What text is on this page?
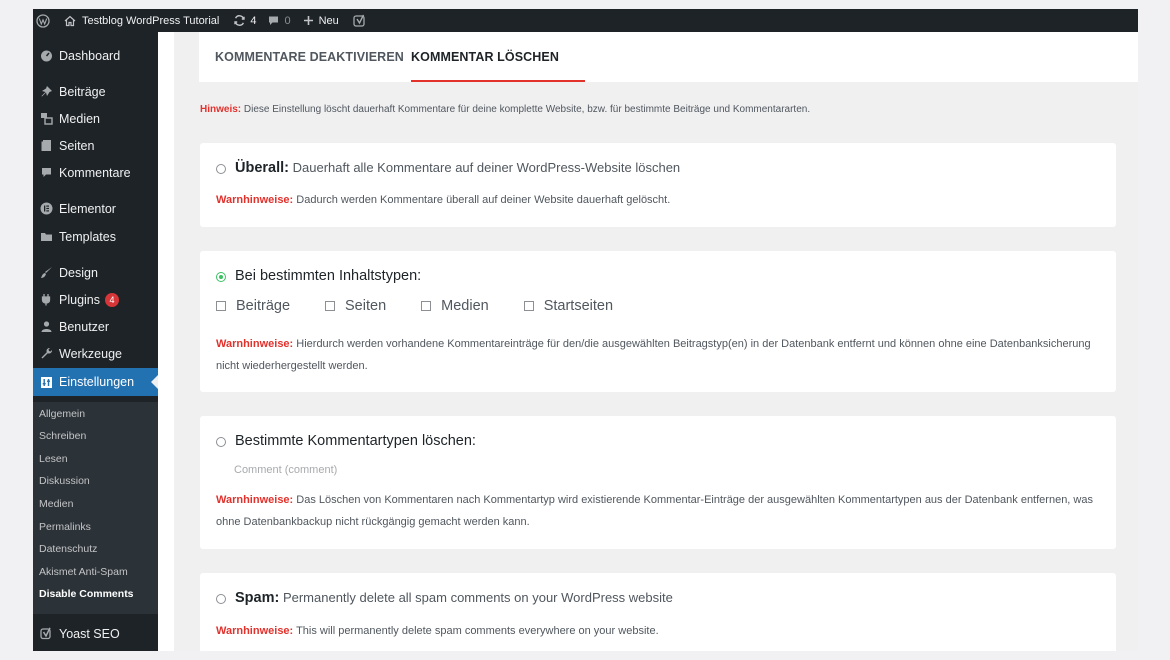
Testblog WordPress Tutorial	4	0	Neu
Dashboard
Beiträge
Medien
Seiten
Kommentare
Elementor
Templates
Design
Plugins	4
Benutzer
Werkzeuge
Einstellungen
Allgemein
Schreiben
Lesen
Diskussion
Medien
Permalinks
Datenschutz
Akismet Anti-Spam
Disable Comments
Yoast SEO
KOMMENTARE DEAKTIVIEREN KOMMENTAR LÖSCHEN
Hinweis: Diese Einstellung löscht dauerhaft Kommentare für deine komplette Website, bzw. für bestimmte Beiträge und Kommentararten.
Überall: Dauerhaft alle Kommentare auf deiner WordPress-Website löschen
Warnhinweise: Dadurch werden Kommentare überall auf deiner Website dauerhaft gelöscht.
Bei bestimmten Inhaltstypen:
Beiträge	Seiten	Medien	Startseiten
Warnhinweise: Hierdurch werden vorhandene Kommentareinträge für den/die ausgewählten Beitragstyp(en) in der Datenbank entfernt und können ohne eine Datenbanksicherung nicht wiederhergestellt werden.
Bestimmte Kommentartypen löschen:
Comment (comment)
Warnhinweise: Das Löschen von Kommentaren nach Kommentartyp wird existierende Kommentar-Einträge der ausgewählten Kommentartypen aus der Datenbank entfernen, was ohne Datenbankbackup nicht rückgängig gemacht werden kann.
Spam: Permanently delete all spam comments on your WordPress website
Warnhinweise: This will permanently delete spam comments everywhere on your website.
